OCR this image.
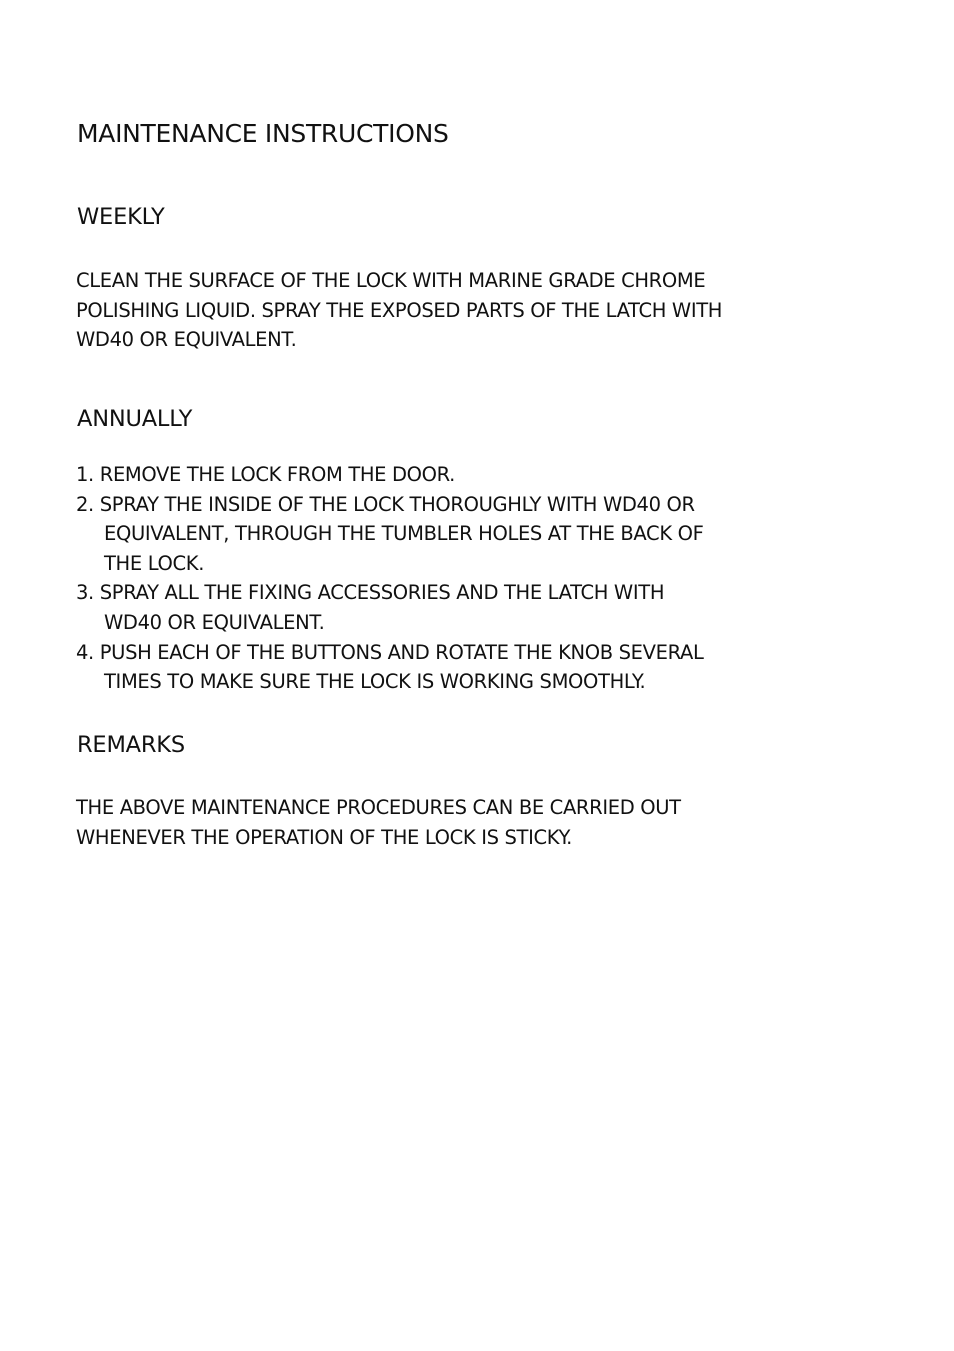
MAINTENANCE INSTRUCTIONS
WEEKLY
CLEAN THE SURFACE OF THE LOCK WITH MARINE GRADE CHROME
POLISHING LIQUID. SPRAY THE EXPOSED PARTS OF THE LATCH WITH
WD40 OR EQUIVALENT.
ANNUALLY
1. REMOVE THE LOCK FROM THE DOOR.
2. SPRAY THE INSIDE OF THE LOCK THOROUGHLY WITH WD40 OR
EQUIVALENT, THROUGH THE TUMBLER HOLES AT THE BACK OF
THE LOCK.
3. SPRAY ALL THE FIXING ACCESSORIES AND THE LATCH WITH
WD40 OR EQUIVALENT.
4. PUSH EACH OF THE BUTTONS AND ROTATE THE KNOB SEVERAL
TIMES TO MAKE SURE THE LOCK IS WORKING SMOOTHLY.
REMARKS
THE ABOVE MAINTENANCE PROCEDURES CAN BE CARRIED OUT
WHENEVER THE OPERATION OF THE LOCK IS STICKY.
